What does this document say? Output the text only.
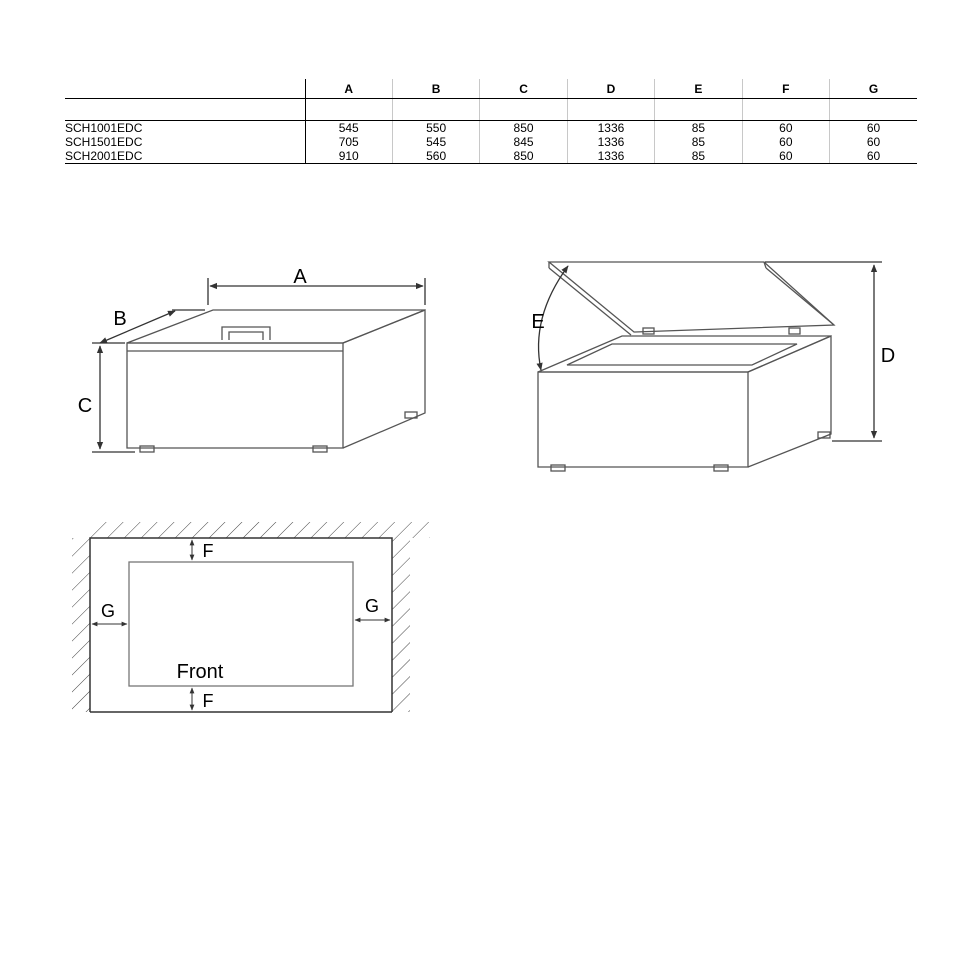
	A	B	C	D	E	F	G

SCH1001EDC	545	550	850	1336	85	60	60
SCH1501EDC	705	545	845	1336	85	60	60
SCH2001EDC	910	560	850	1336	85	60	60
A
B
C
D
E
F
F
G	G
Front
